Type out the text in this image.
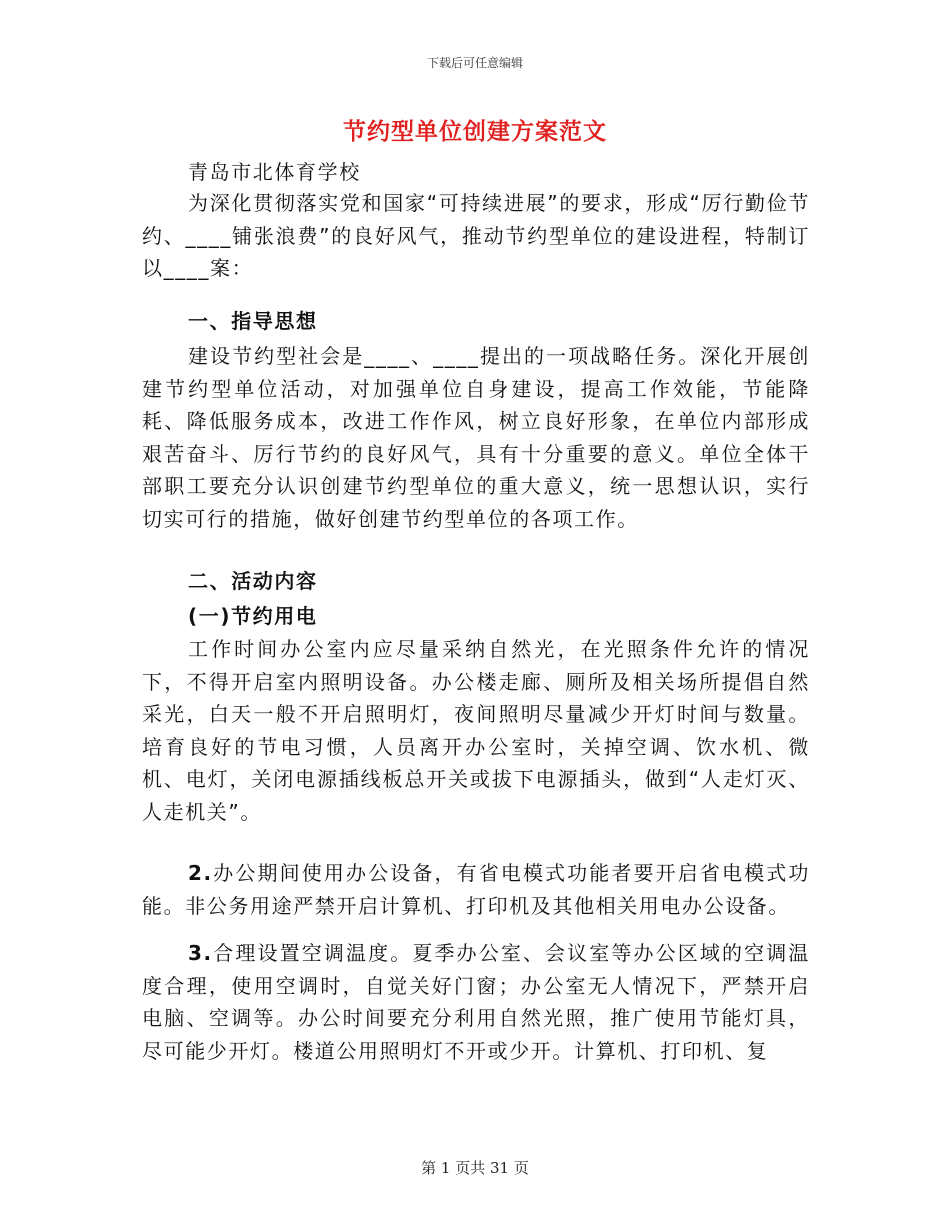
下载后可任意编辑
节约型单位创建方案范文
青岛市北体育学校

为深化贯彻落实党和国家“可持续进展”的要求，形成“厉行勤俭节约、____铺张浪费”的良好风气，推动节约型单位的建设进程，特制订以____案：

一、指导思想

建设节约型社会是____、____提出的一项战略任务。深化开展创建节约型单位活动，对加强单位自身建设，提高工作效能，节能降耗、降低服务成本，改进工作作风，树立良好形象，在单位内部形成艰苦奋斗、厉行节约的良好风气，具有十分重要的意义。单位全体干部职工要充分认识创建节约型单位的重大意义，统一思想认识，实行切实可行的措施，做好创建节约型单位的各项工作。

二、活动内容
(一)节约用电

工作时间办公室内应尽量采纳自然光，在光照条件允许的情况下，不得开启室内照明设备。办公楼走廊、厕所及相关场所提倡自然采光，白天一般不开启照明灯，夜间照明尽量减少开灯时间与数量。培育良好的节电习惯，人员离开办公室时，关掉空调、饮水机、微机、电灯，关闭电源插线板总开关或拔下电源插头，做到“人走灯灭、人走机关”。

2.办公期间使用办公设备，有省电模式功能者要开启省电模式功能。非公务用途严禁开启计算机、打印机及其他相关用电办公设备。

3.合理设置空调温度。夏季办公室、会议室等办公区域的空调温度合理，使用空调时，自觉关好门窗；办公室无人情况下，严禁开启电脑、空调等。办公时间要充分利用自然光照，推广使用节能灯具，尽可能少开灯。楼道公用照明灯不开或少开。计算机、打印机、复

第 1 页共 31 页
